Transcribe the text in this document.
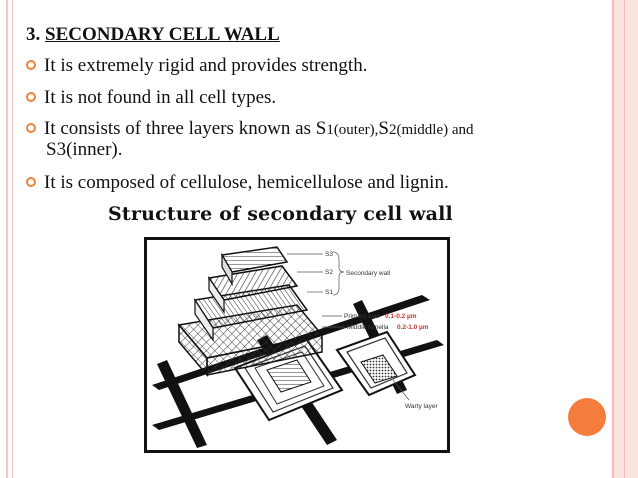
3. SECONDARY CELL WALL
It is extremely rigid and provides strength.
It is not found in all cell types.
It consists of three layers known as S1(outer),S2(middle) and
S3(inner).
It is composed of cellulose, hemicellulose and lignin.
Structure of secondary cell wall
S3
S2
S1
Secondary wall
Primary wall 0.1-0.2 µm
Middle lamella 0.2-1.0 µm
Warty layer
